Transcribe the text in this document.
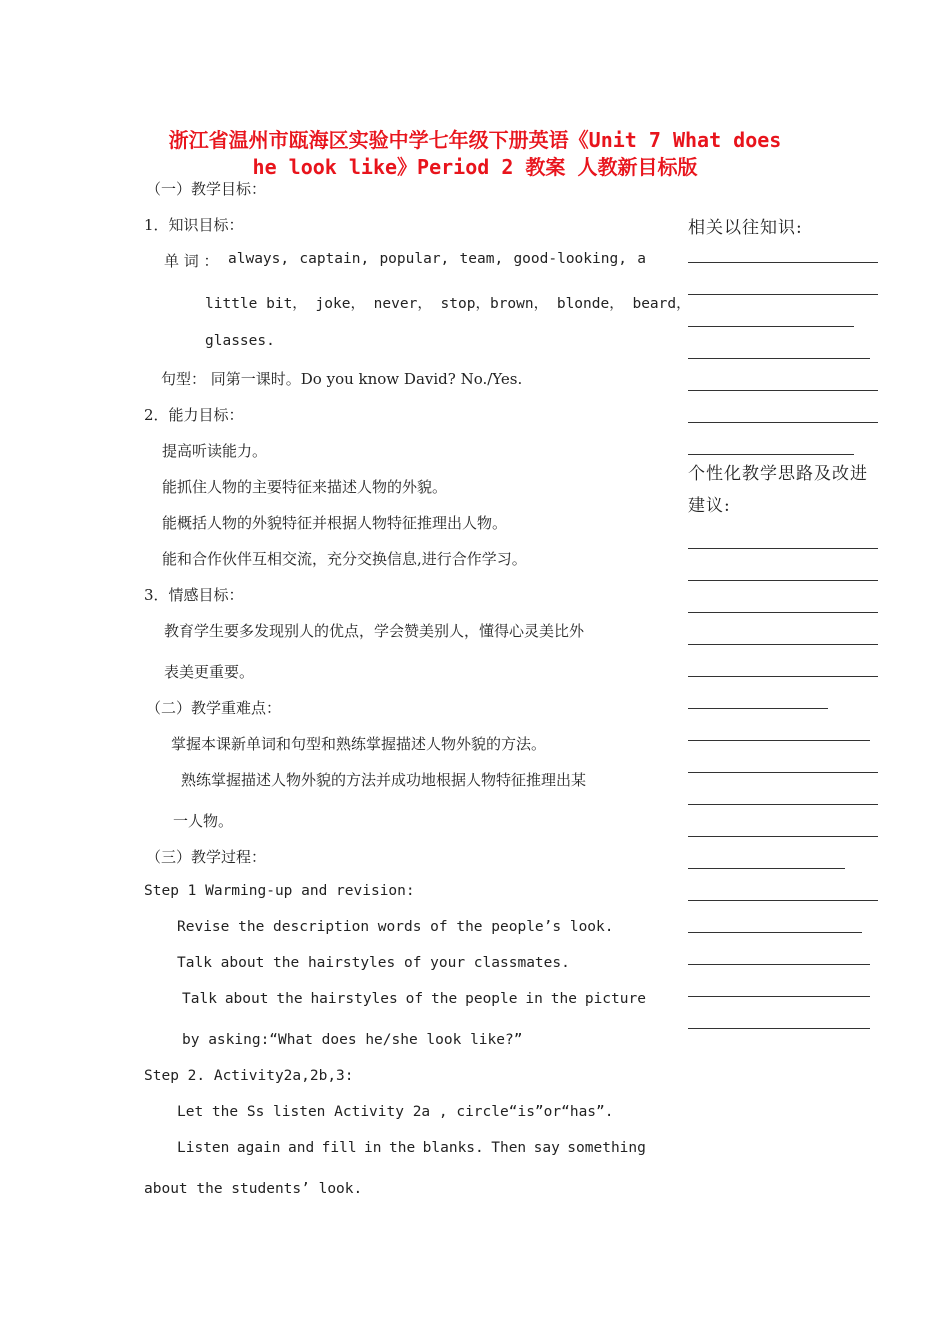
浙江省温州市瓯海区实验中学七年级下册英语《Unit 7 What does
he look like》Period 2 教案 人教新目标版
（一）教学目标：
1．知识目标：
单 词 ： always, captain, popular, team, good-looking, a
little bit， joke， never， stop，brown， blonde， beard，
glasses.
句型： 同第一课时。Do you know David? No./Yes.
2．能力目标：
提高听读能力。
能抓住人物的主要特征来描述人物的外貌。
能概括人物的外貌特征并根据人物特征推理出人物。
能和合作伙伴互相交流，充分交换信息,进行合作学习。
3．情感目标：
教育学生要多发现别人的优点，学会赞美别人，懂得心灵美比外
表美更重要。
（二）教学重难点：
掌握本课新单词和句型和熟练掌握描述人物外貌的方法。
熟练掌握描述人物外貌的方法并成功地根据人物特征推理出某
一人物。
（三）教学过程：
Step 1 Warming-up and revision:
Revise the description words of the people’s look.
Talk about the hairstyles of your classmates.
Talk about the hairstyles of the people in the picture
by asking:“What does he/she look like?”
Step 2. Activity2a,2b,3:
Let the Ss listen Activity 2a , circle“is”or“has”.
Listen again and fill in the blanks. Then say something
about the students’ look.
相关以往知识:
个性化教学思路及改进
建议:
